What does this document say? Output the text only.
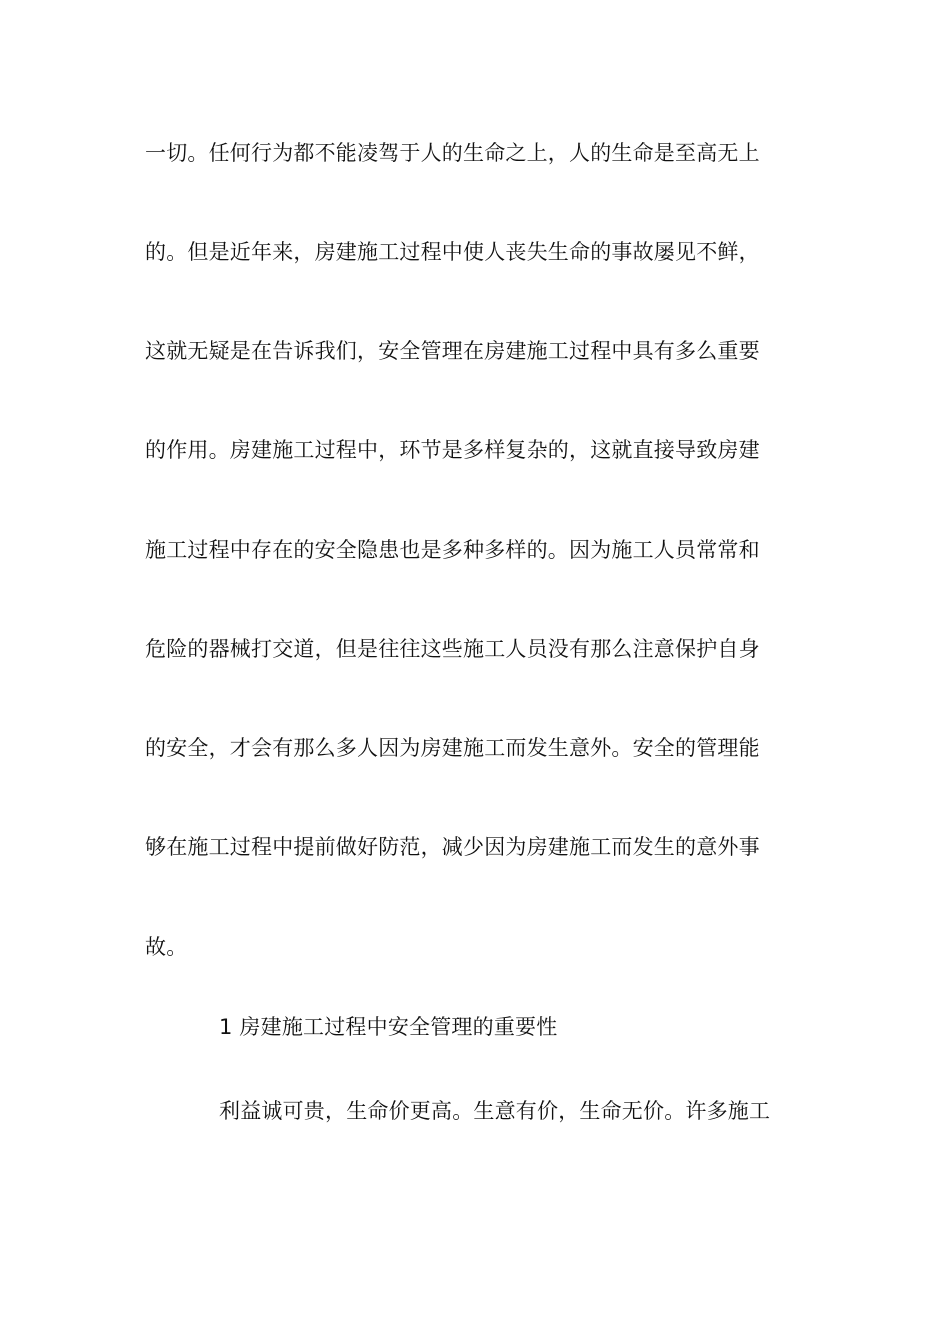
一切。任何行为都不能凌驾于人的生命之上，人的生命是至高无上

的。但是近年来，房建施工过程中使人丧失生命的事故屡见不鲜，

这就无疑是在告诉我们，安全管理在房建施工过程中具有多么重要

的作用。房建施工过程中，环节是多样复杂的，这就直接导致房建

施工过程中存在的安全隐患也是多种多样的。因为施工人员常常和

危险的器械打交道，但是往往这些施工人员没有那么注意保护自身

的安全，才会有那么多人因为房建施工而发生意外。安全的管理能

够在施工过程中提前做好防范，减少因为房建施工而发生的意外事

故。

1 房建施工过程中安全管理的重要性

利益诚可贵，生命价更高。生意有价，生命无价。许多施工
